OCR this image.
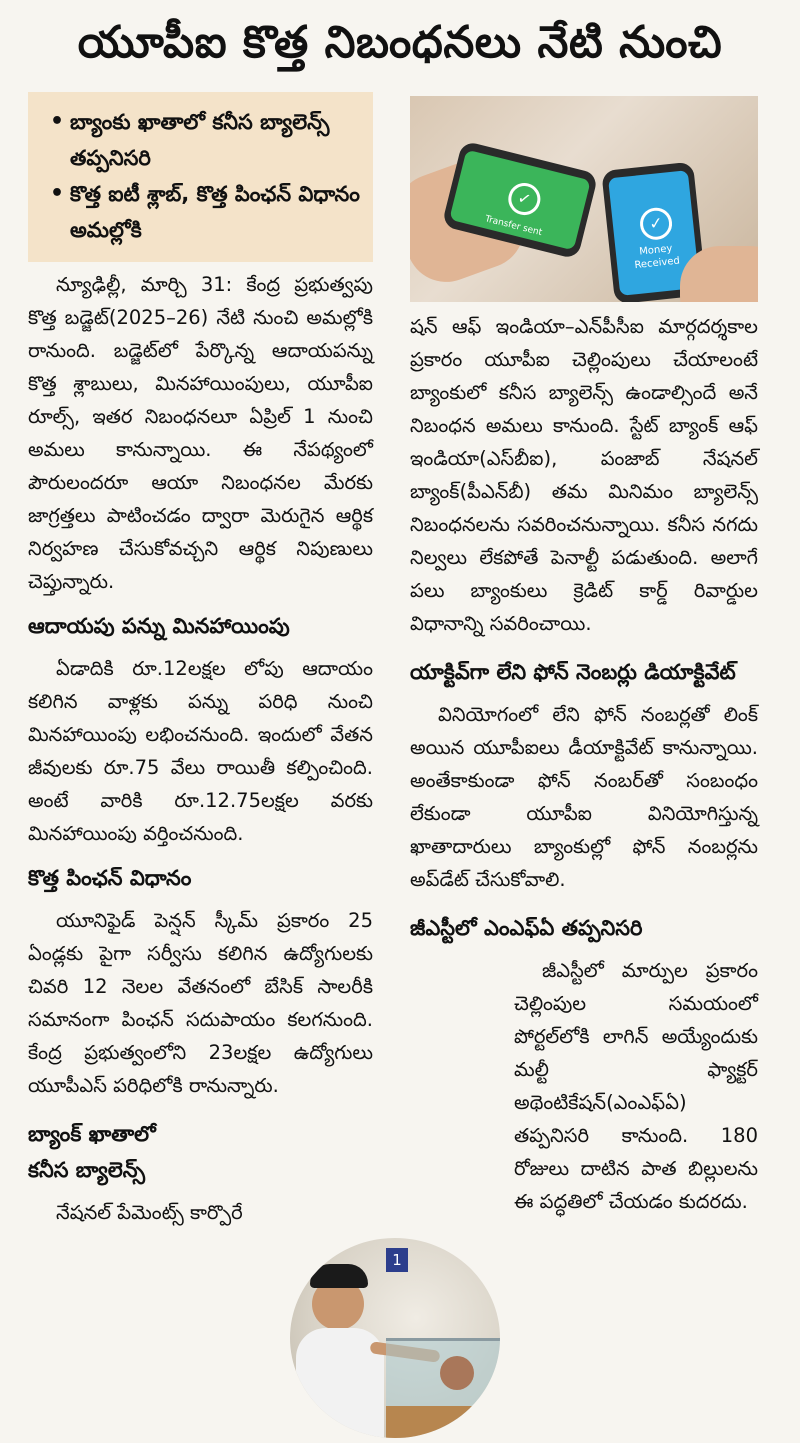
యూపీఐ కొత్త నిబంధనలు నేటి నుంచి
• బ్యాంకు ఖాతాలో కనీస బ్యాలెన్స్ తప్పనిసరి
• కొత్త ఐటీ శ్లాబ్, కొత్త పింఛన్ విధానం అమల్లోకి

న్యూఢిల్లీ, మార్చి 31: కేంద్ర ప్రభుత్వపు కొత్త బడ్జెట్(2025–26) నేటి నుంచి అమల్లోకి రానుంది. బడ్జెట్‌లో పేర్కొన్న ఆదాయపన్ను కొత్త శ్లాబులు, మినహాయింపులు, యూపీఐ రూల్స్, ఇతర నిబంధనలూ ఏప్రిల్ 1 నుంచి అమలు కానున్నాయి. ఈ నేపథ్యంలో పౌరులందరూ ఆయా నిబంధనల మేరకు జాగ్రత్తలు పాటించడం ద్వారా మెరుగైన ఆర్థిక నిర్వహణ చేసుకోవచ్చని ఆర్థిక నిపుణులు చెప్తున్నారు.

ఆదాయపు పన్ను మినహాయింపు

ఏడాదికి రూ.12లక్షల లోపు ఆదాయం కలిగిన వాళ్లకు పన్ను పరిధి నుంచి మినహాయింపు లభించనుంది. ఇందులో వేతన జీవులకు రూ.75 వేలు రాయితీ కల్పించింది. అంటే వారికి రూ.12.75లక్షల వరకు మినహాయింపు వర్తించనుంది.

కొత్త పింఛన్ విధానం

యూనిఫైడ్ పెన్షన్ స్కీమ్ ప్రకారం 25 ఏండ్లకు పైగా సర్వీసు కలిగిన ఉద్యోగులకు చివరి 12 నెలల వేతనంలో బేసిక్ సాలరీకి సమానంగా పింఛన్ సదుపాయం కలగనుంది. కేంద్ర ప్రభుత్వంలోని 23లక్షల ఉద్యోగులు యూపీఎస్ పరిధిలోకి రానున్నారు.

బ్యాంక్ ఖాతాలో
కనీస బ్యాలెన్స్

నేషనల్ పేమెంట్స్ కార్పొరే

✓
Transfer sent	✓
Money Received

షన్ ఆఫ్ ఇండియా–ఎన్‌పీసీఐ మార్గదర్శకాల ప్రకారం యూపీఐ చెల్లింపులు చేయాలంటే బ్యాంకులో కనీస బ్యాలెన్స్ ఉండాల్సిందే అనే నిబంధన అమలు కానుంది. స్టేట్ బ్యాంక్ ఆఫ్ ఇండియా(ఎస్‌బీఐ), పంజాబ్ నేషనల్ బ్యాంక్(పీఎన్‌బీ) తమ మినిమం బ్యాలెన్స్ నిబంధనలను సవరించనున్నాయి. కనీస నగదు నిల్వలు లేకపోతే పెనాల్టీ పడుతుంది. అలాగే పలు బ్యాంకులు క్రెడిట్ కార్డ్ రివార్డుల విధానాన్ని సవరించాయి.

యాక్టివ్‌గా లేని ఫోన్ నెంబర్లు డియాక్టివేట్

వినియోగంలో లేని ఫోన్ నంబర్లతో లింక్ అయిన యూపీఐలు డీయాక్టివేట్ కానున్నాయి. అంతేకాకుండా ఫోన్ నంబర్‌తో సంబంధం లేకుండా యూపీఐ వినియోగిస్తున్న ఖాతాదారులు బ్యాంకుల్లో ఫోన్ నంబర్లను అప్‌డేట్ చేసుకోవాలి.

జీఎస్టీలో ఎంఎఫ్ఏ తప్పనిసరి

జీఎస్టీలో మార్పుల ప్రకారం చెల్లింపుల సమయంలో పోర్టల్‌లోకి లాగిన్ అయ్యేందుకు మల్టీ ఫ్యాక్టర్ అథెంటికేషన్(ఎంఎఫ్ఏ) తప్పనిసరి కానుంది. 180 రోజులు దాటిన పాత బిల్లులను ఈ పద్ధతిలో చేయడం కుదరదు.

1
